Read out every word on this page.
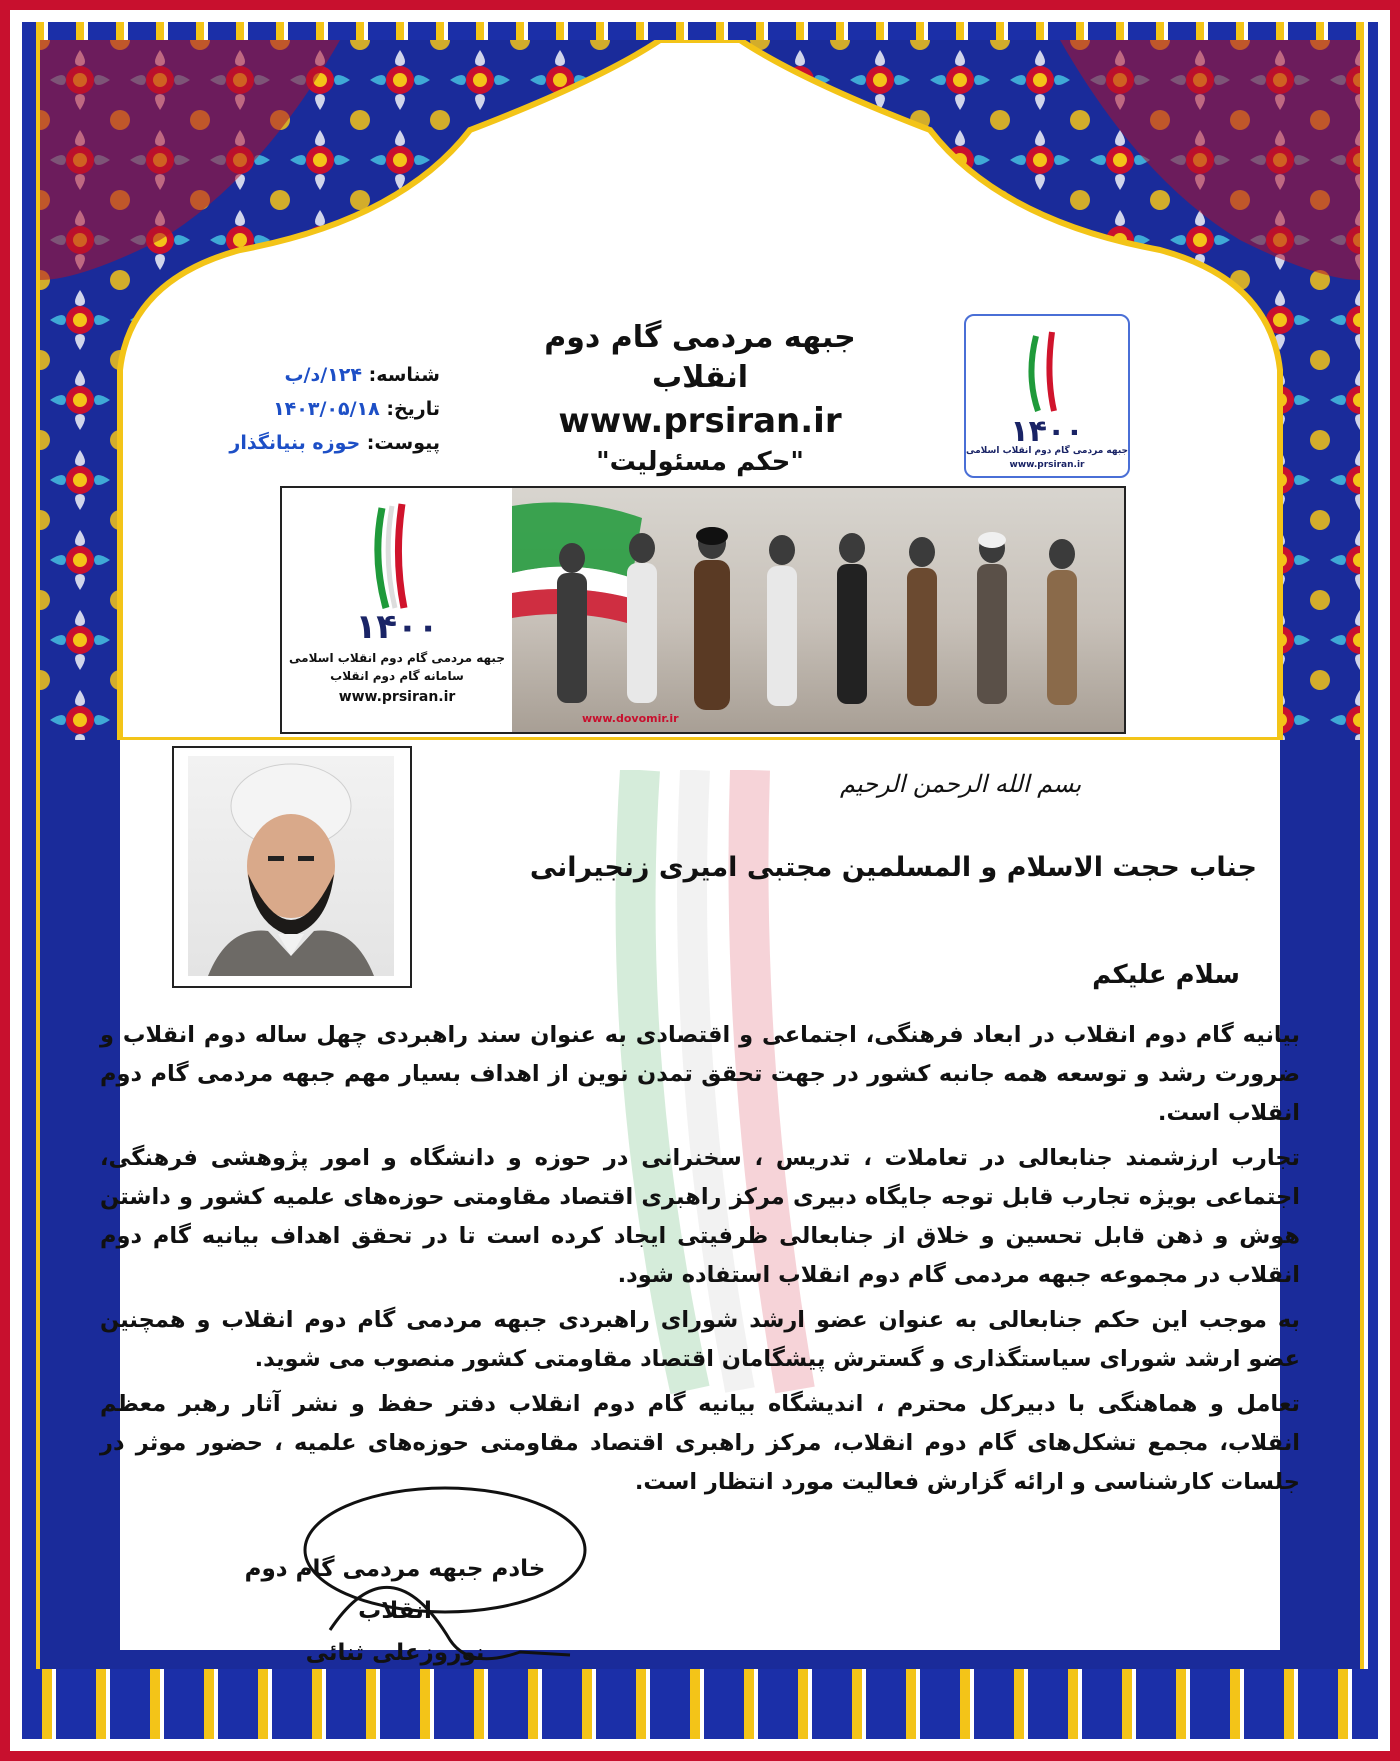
شناسه: ۱۲۴/د/ب
تاریخ: ۱۴۰۳/۰۵/۱۸
پیوست: حوزه بنیانگذار
جبهه مردمی گام دوم انقلاب
www.prsiran.ir
"حکم مسئولیت"
۱۴۰۰
جبهه مردمی گام دوم انقلاب اسلامی
www.prsiran.ir
۱۴۰۰
جبهه مردمی گام دوم انقلاب اسلامی
سامانه گام دوم انقلاب
www.prsiran.ir
www.dovomir.ir
بسم الله الرحمن الرحیم
جناب حجت الاسلام و المسلمین مجتبی امیری زنجیرانی
سلام علیکم

بیانیه گام دوم انقلاب در ابعاد فرهنگی، اجتماعی و اقتصادی به عنوان سند راهبردی چهل ساله دوم انقلاب و ضرورت رشد و توسعه همه جانبه کشور در جهت تحقق تمدن نوین از اهداف بسیار مهم جبهه مردمی گام دوم انقلاب است.

تجارب ارزشمند جنابعالی در تعاملات ، تدریس ، سخنرانی در حوزه و دانشگاه و امور پژوهشی فرهنگی، اجتماعی بویژه تجارب قابل توجه جایگاه دبیری مرکز راهبری اقتصاد مقاومتی حوزه‌های علمیه کشور و داشتن هوش و ذهن قابل تحسین و خلاق از جنابعالی ظرفیتی ایجاد کرده است تا در تحقق اهداف بیانیه گام دوم انقلاب در مجموعه جبهه مردمی گام دوم انقلاب استفاده شود.

به موجب این حکم جنابعالی به عنوان عضو ارشد شورای راهبردی جبهه مردمی گام دوم انقلاب و همچنین عضو ارشد شورای سیاستگذاری و گسترش پیشگامان اقتصاد مقاومتی کشور منصوب می شوید.

تعامل و هماهنگی با دبیرکل محترم ، اندیشگاه بیانیه گام دوم انقلاب دفتر حفظ و نشر آثار رهبر معظم انقلاب، مجمع تشکل‌های گام دوم انقلاب، مرکز راهبری اقتصاد مقاومتی حوزه‌های علمیه ، حضور موثر در جلسات کارشناسی و ارائه گزارش فعالیت مورد انتظار است.

خادم جبهه مردمی گام دوم انقلاب
نوروزعلی ثنائی
